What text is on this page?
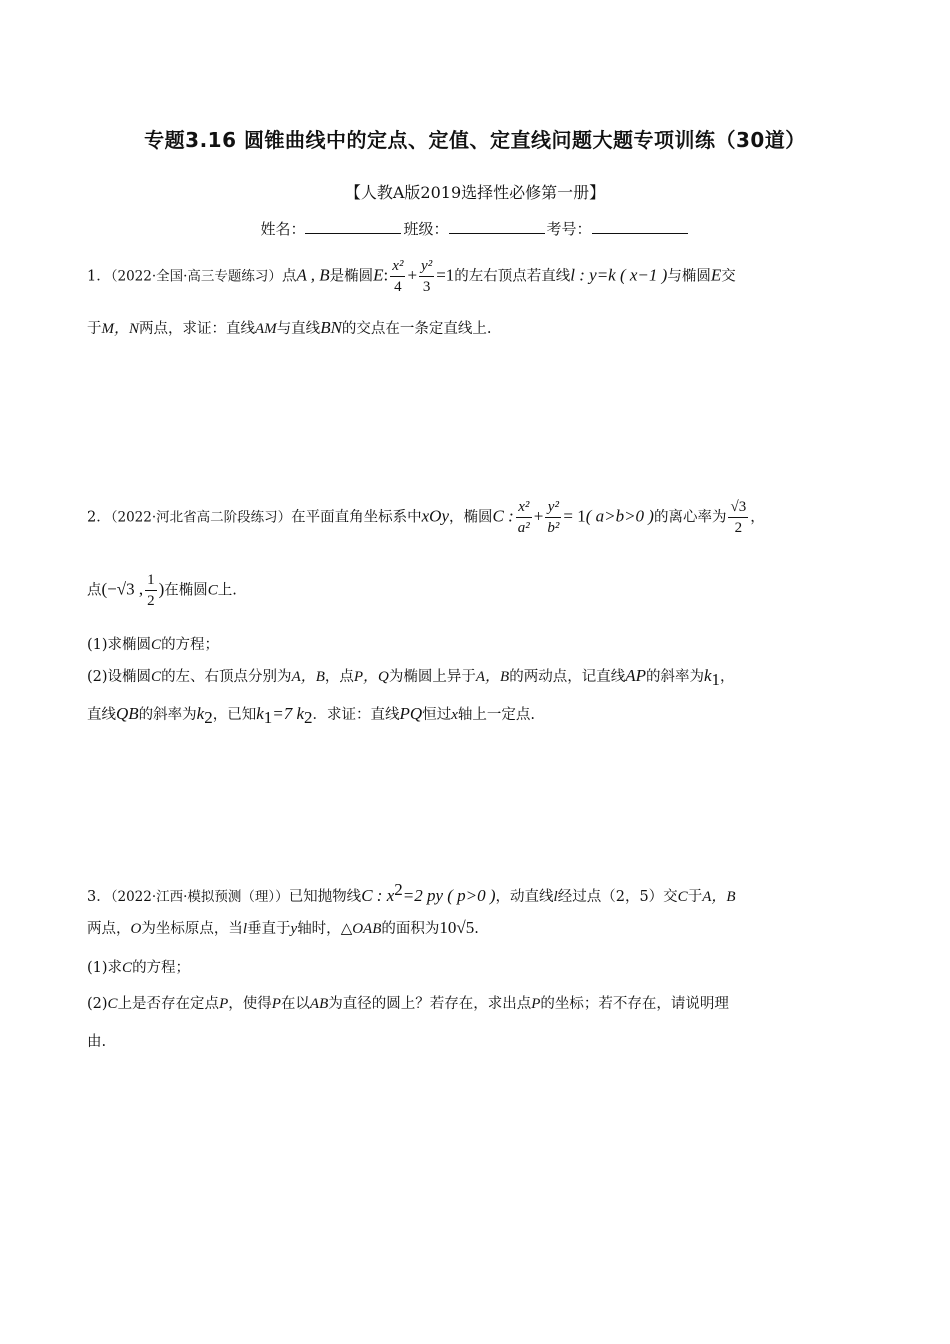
专题3.16 圆锥曲线中的定点、定值、定直线问题大题专项训练（30道）
【人教A版2019选择性必修第一册】
姓名：	班级：	考号：
1．（2022·全国·高三专题练习）点A , B是椭圆E: $\frac{\text{x²}}{4} + \frac{\text{y²}}{3} =1$的左右顶点若直线l : y=k ( x−1 )与椭圆E交
于M，N两点，求证：直线AM与直线BN的交点在一条定直线上.
2．（2022·河北省高二阶段练习）在平面直角坐标系中xOy，椭圆C : $\frac{\text{x²}}{\text{a²}} + \frac{\text{y²}}{\text{b²}} = 1$( a>b>0 )的离心率为 $\frac{√3}{2}$ ，
点(−√3 , $\frac{1}{2}$ )在椭圆C上.
(1)求椭圆C的方程；
(2)设椭圆C的左、右顶点分别为A，B，点P，Q为椭圆上异于A，B的两动点，记直线AP的斜率为$k_1$，
直线QB的斜率为$k_2$，已知$k_1=7$ $k_2$．求证：直线PQ恒过x轴上一定点.
3．（2022·江西·模拟预测（理））已知抛物线C : $x^2=2$ py ( p>0 )，动直线l经过点（2，5）交C于A，B
两点，O为坐标原点，当l垂直于y轴时，△OAB的面积为10√5.
(1)求C的方程；
(2)C上是否存在定点P，使得P在以AB为直径的圆上？若存在，求出点P的坐标；若不存在，请说明理
由.
